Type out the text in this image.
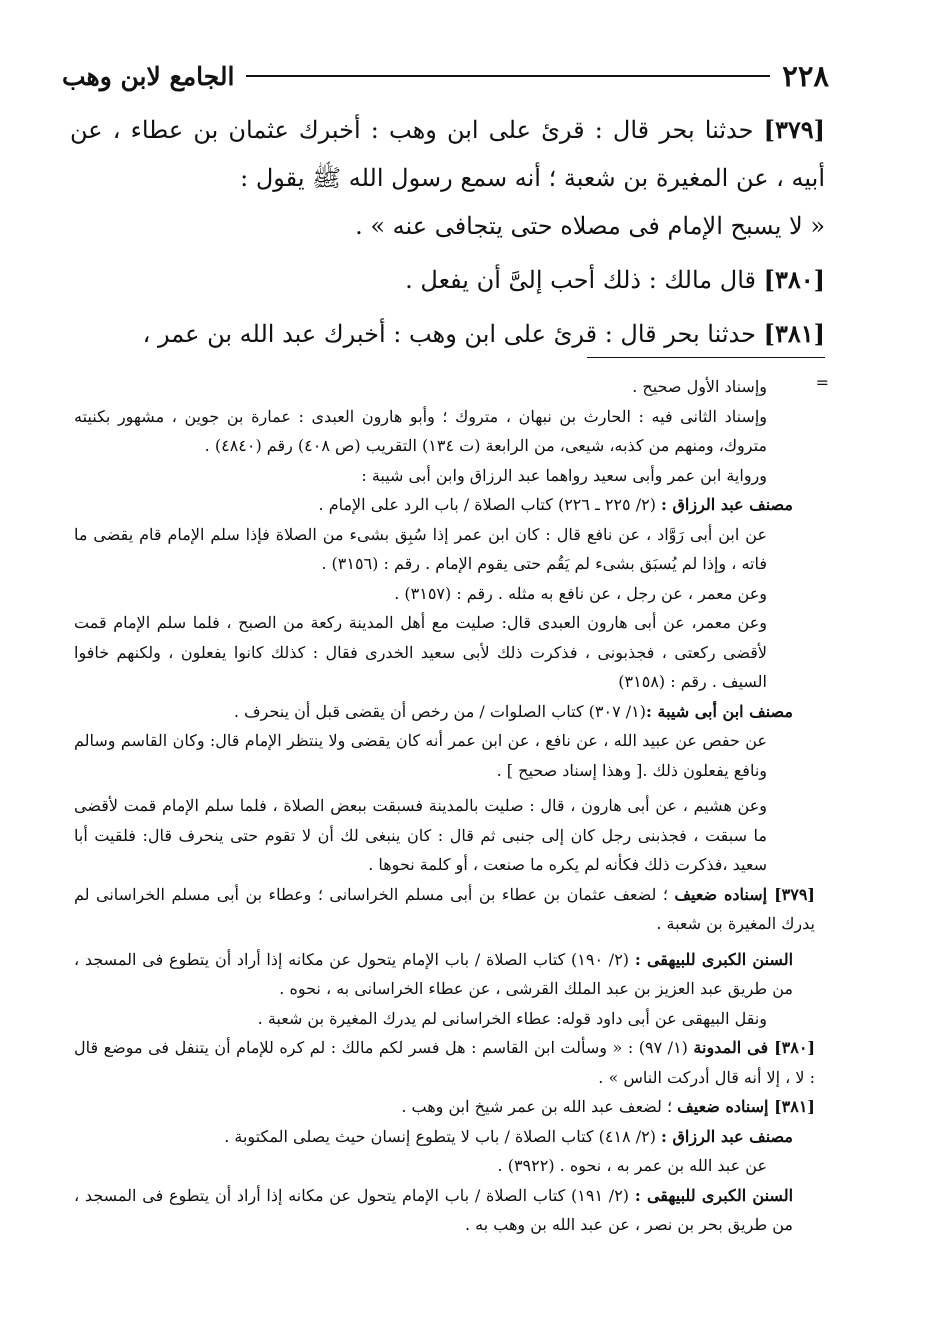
٢٢٨
الجامع لابن وهب

[٣٧٩] حدثنا بحر قال : قرئ على ابن وهب : أخبرك عثمان بن عطاء ، عن أبيه ، عن المغيرة بن شعبة ؛ أنه سمع رسول الله ﷺ يقول :

« لا يسبح الإمام فى مصلاه حتى يتجافى عنه » .

[٣٨٠] قال مالك : ذلك أحب إلىَّ أن يفعل .

[٣٨١] حدثنا بحر قال : قرئ على ابن وهب : أخبرك عبد الله بن عمر ،

=

وإسناد الأول صحيح .

وإسناد الثانى فيه : الحارث بن نبهان ، متروك ؛ وأبو هارون العبدى : عمارة بن جوين ، مشهور بكنيته متروك، ومنهم من كذبه، شيعى، من الرابعة (ت ١٣٤) التقريب (ص ٤٠٨) رقم (٤٨٤٠) .

ورواية ابن عمر وأبى سعيد رواهما عبد الرزاق وابن أبى شيبة :

مصنف عبد الرزاق : (٢/ ٢٢٥ ـ ٢٢٦) كتاب الصلاة / باب الرد على الإمام .

عن ابن أبى رَوَّاد ، عن نافع قال : كان ابن عمر إذا سُبِق بشىء من الصلاة فإذا سلم الإمام قام يقضى ما فاته ، وإذا لم يُسبَق بشىء لم يَقُم حتى يقوم الإمام . رقم : (٣١٥٦) .

وعن معمر ، عن رجل ، عن نافع به مثله . رقم : (٣١٥٧) .

وعن معمر، عن أبى هارون العبدى قال: صليت مع أهل المدينة ركعة من الصبح ، فلما سلم الإمام قمت لأقضى ركعتى ، فجذبونى ، فذكرت ذلك لأبى سعيد الخدرى فقال : كذلك كانوا يفعلون ، ولكنهم خافوا السيف . رقم : (٣١٥٨)

مصنف ابن أبى شيبة :(١/ ٣٠٧) كتاب الصلوات / من رخص أن يقضى قبل أن ينحرف .

عن حفص عن عبيد الله ، عن نافع ، عن ابن عمر أنه كان يقضى ولا ينتظر الإمام قال: وكان القاسم وسالم ونافع يفعلون ذلك .[ وهذا إسناد صحيح ] .

وعن هشيم ، عن أبى هارون ، قال : صليت بالمدينة فسبقت ببعض الصلاة ، فلما سلم الإمام قمت لأقضى ما سبقت ، فجذبنى رجل كان إلى جنبى ثم قال : كان ينبغى لك أن لا تقوم حتى ينحرف قال: فلقيت أبا سعيد ،فذكرت ذلك فكأنه لم يكره ما صنعت ، أو كلمة نحوها .

[٣٧٩] إسناده ضعيف ؛ لضعف عثمان بن عطاء بن أبى مسلم الخراسانى ؛ وعطاء بن أبى مسلم الخراسانى لم يدرك المغيرة بن شعبة .

السنن الكبرى للبيهقى : (٢/ ١٩٠) كتاب الصلاة / باب الإمام يتحول عن مكانه إذا أراد أن يتطوع فى المسجد ، من طريق عبد العزيز بن عبد الملك القرشى ، عن عطاء الخراسانى به ، نحوه .

ونقل البيهقى عن أبى داود قوله: عطاء الخراسانى لم يدرك المغيرة بن شعبة .

[٣٨٠] فى المدونة (١/ ٩٧) : « وسألت ابن القاسم : هل فسر لكم مالك : لم كره للإمام أن يتنفل فى موضع قال : لا ، إلا أنه قال أدركت الناس » .

[٣٨١] إسناده ضعيف ؛ لضعف عبد الله بن عمر شيخ ابن وهب .

مصنف عبد الرزاق : (٢/ ٤١٨) كتاب الصلاة / باب لا يتطوع إنسان حيث يصلى المكتوبة .

عن عبد الله بن عمر به ، نحوه . (٣٩٢٢) .

السنن الكبرى للبيهقى : (٢/ ١٩١) كتاب الصلاة / باب الإمام يتحول عن مكانه إذا أراد أن يتطوع فى المسجد ، من طريق بحر بن نصر ، عن عبد الله بن وهب به .
